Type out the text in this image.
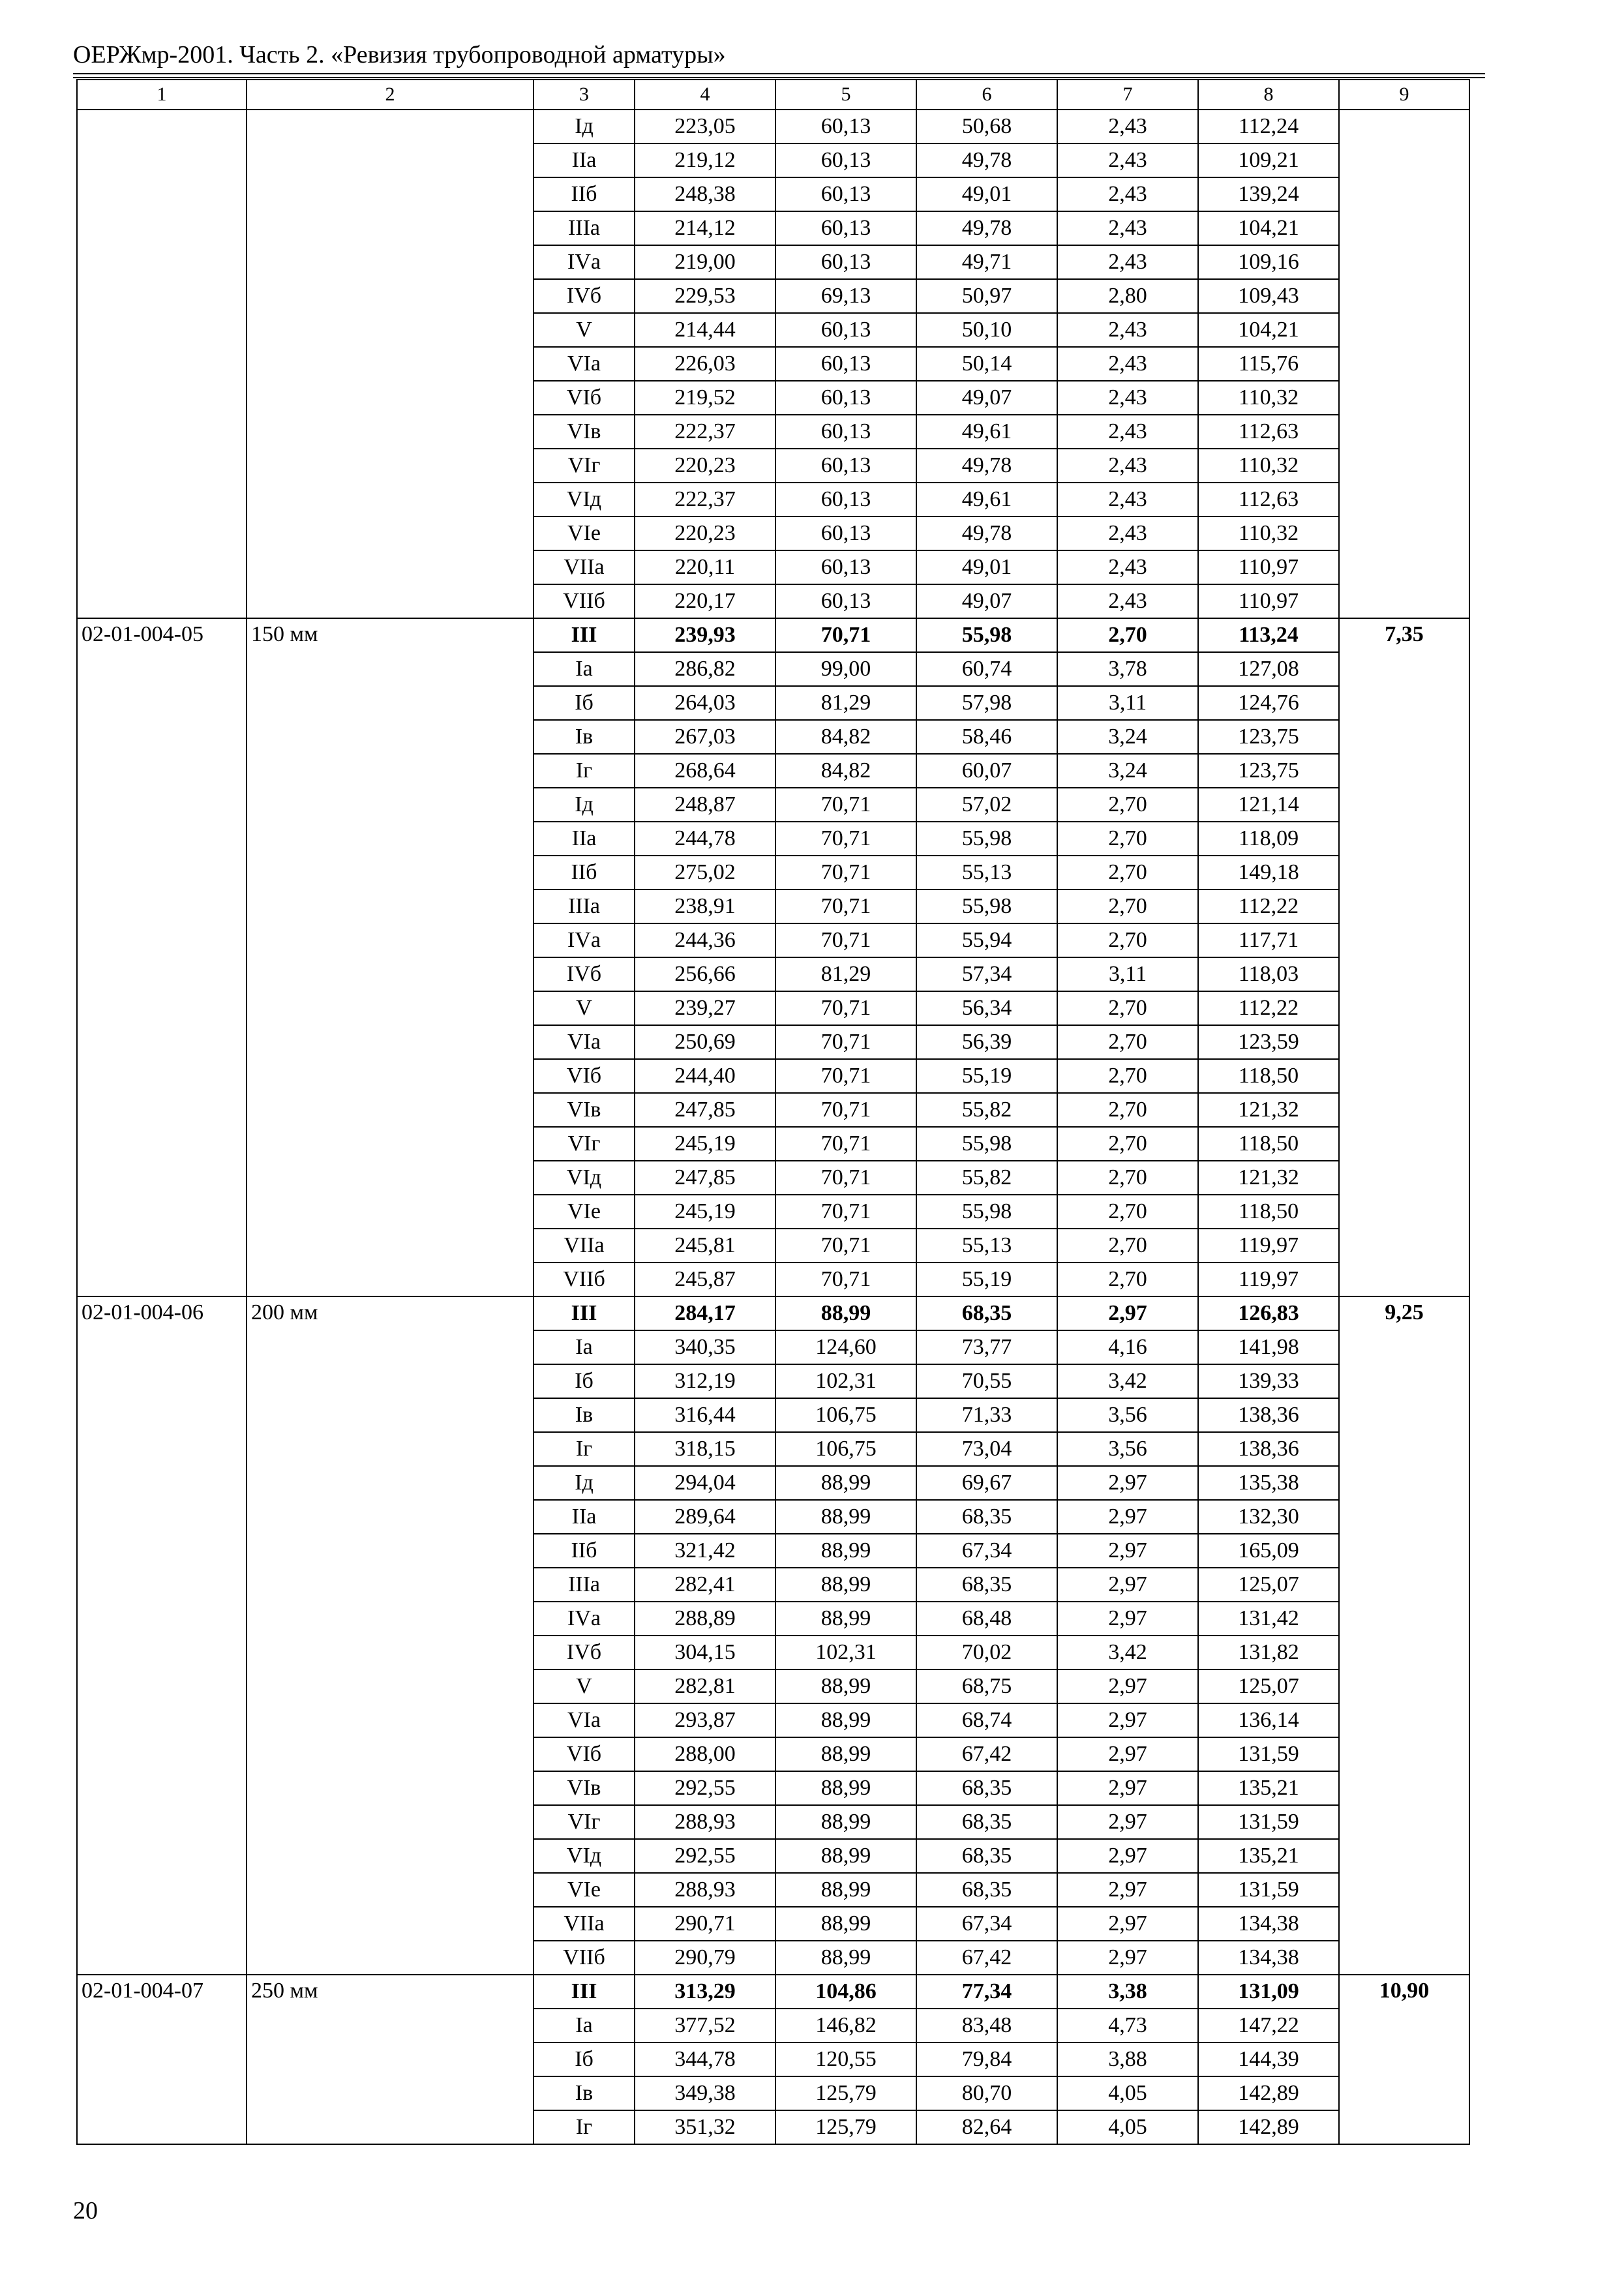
ОЕРЖмр-2001. Часть 2. «Ревизия трубопроводной арматуры»
1	2	3	4	5	6	7	8	9
		Iд	223,05	60,13	50,68	2,43	112,24	
		IIа	219,12	60,13	49,78	2,43	109,21	
		IIб	248,38	60,13	49,01	2,43	139,24	
		IIIа	214,12	60,13	49,78	2,43	104,21	
		IVа	219,00	60,13	49,71	2,43	109,16	
		IVб	229,53	69,13	50,97	2,80	109,43	
		V	214,44	60,13	50,10	2,43	104,21	
		VIа	226,03	60,13	50,14	2,43	115,76	
		VIб	219,52	60,13	49,07	2,43	110,32	
		VIв	222,37	60,13	49,61	2,43	112,63	
		VIг	220,23	60,13	49,78	2,43	110,32	
		VIд	222,37	60,13	49,61	2,43	112,63	
		VIе	220,23	60,13	49,78	2,43	110,32	
		VIIа	220,11	60,13	49,01	2,43	110,97	
		VIIб	220,17	60,13	49,07	2,43	110,97	
02-01-004-05	150 мм	III	239,93	70,71	55,98	2,70	113,24	7,35
		Iа	286,82	99,00	60,74	3,78	127,08	
		Iб	264,03	81,29	57,98	3,11	124,76	
		Iв	267,03	84,82	58,46	3,24	123,75	
		Iг	268,64	84,82	60,07	3,24	123,75	
		Iд	248,87	70,71	57,02	2,70	121,14	
		IIа	244,78	70,71	55,98	2,70	118,09	
		IIб	275,02	70,71	55,13	2,70	149,18	
		IIIа	238,91	70,71	55,98	2,70	112,22	
		IVа	244,36	70,71	55,94	2,70	117,71	
		IVб	256,66	81,29	57,34	3,11	118,03	
		V	239,27	70,71	56,34	2,70	112,22	
		VIа	250,69	70,71	56,39	2,70	123,59	
		VIб	244,40	70,71	55,19	2,70	118,50	
		VIв	247,85	70,71	55,82	2,70	121,32	
		VIг	245,19	70,71	55,98	2,70	118,50	
		VIд	247,85	70,71	55,82	2,70	121,32	
		VIе	245,19	70,71	55,98	2,70	118,50	
		VIIа	245,81	70,71	55,13	2,70	119,97	
		VIIб	245,87	70,71	55,19	2,70	119,97	
02-01-004-06	200 мм	III	284,17	88,99	68,35	2,97	126,83	9,25
		Iа	340,35	124,60	73,77	4,16	141,98	
		Iб	312,19	102,31	70,55	3,42	139,33	
		Iв	316,44	106,75	71,33	3,56	138,36	
		Iг	318,15	106,75	73,04	3,56	138,36	
		Iд	294,04	88,99	69,67	2,97	135,38	
		IIа	289,64	88,99	68,35	2,97	132,30	
		IIб	321,42	88,99	67,34	2,97	165,09	
		IIIа	282,41	88,99	68,35	2,97	125,07	
		IVа	288,89	88,99	68,48	2,97	131,42	
		IVб	304,15	102,31	70,02	3,42	131,82	
		V	282,81	88,99	68,75	2,97	125,07	
		VIа	293,87	88,99	68,74	2,97	136,14	
		VIб	288,00	88,99	67,42	2,97	131,59	
		VIв	292,55	88,99	68,35	2,97	135,21	
		VIг	288,93	88,99	68,35	2,97	131,59	
		VIд	292,55	88,99	68,35	2,97	135,21	
		VIе	288,93	88,99	68,35	2,97	131,59	
		VIIа	290,71	88,99	67,34	2,97	134,38	
		VIIб	290,79	88,99	67,42	2,97	134,38	
02-01-004-07	250 мм	III	313,29	104,86	77,34	3,38	131,09	10,90
		Iа	377,52	146,82	83,48	4,73	147,22	
		Iб	344,78	120,55	79,84	3,88	144,39	
		Iв	349,38	125,79	80,70	4,05	142,89	
		Iг	351,32	125,79	82,64	4,05	142,89	
20
